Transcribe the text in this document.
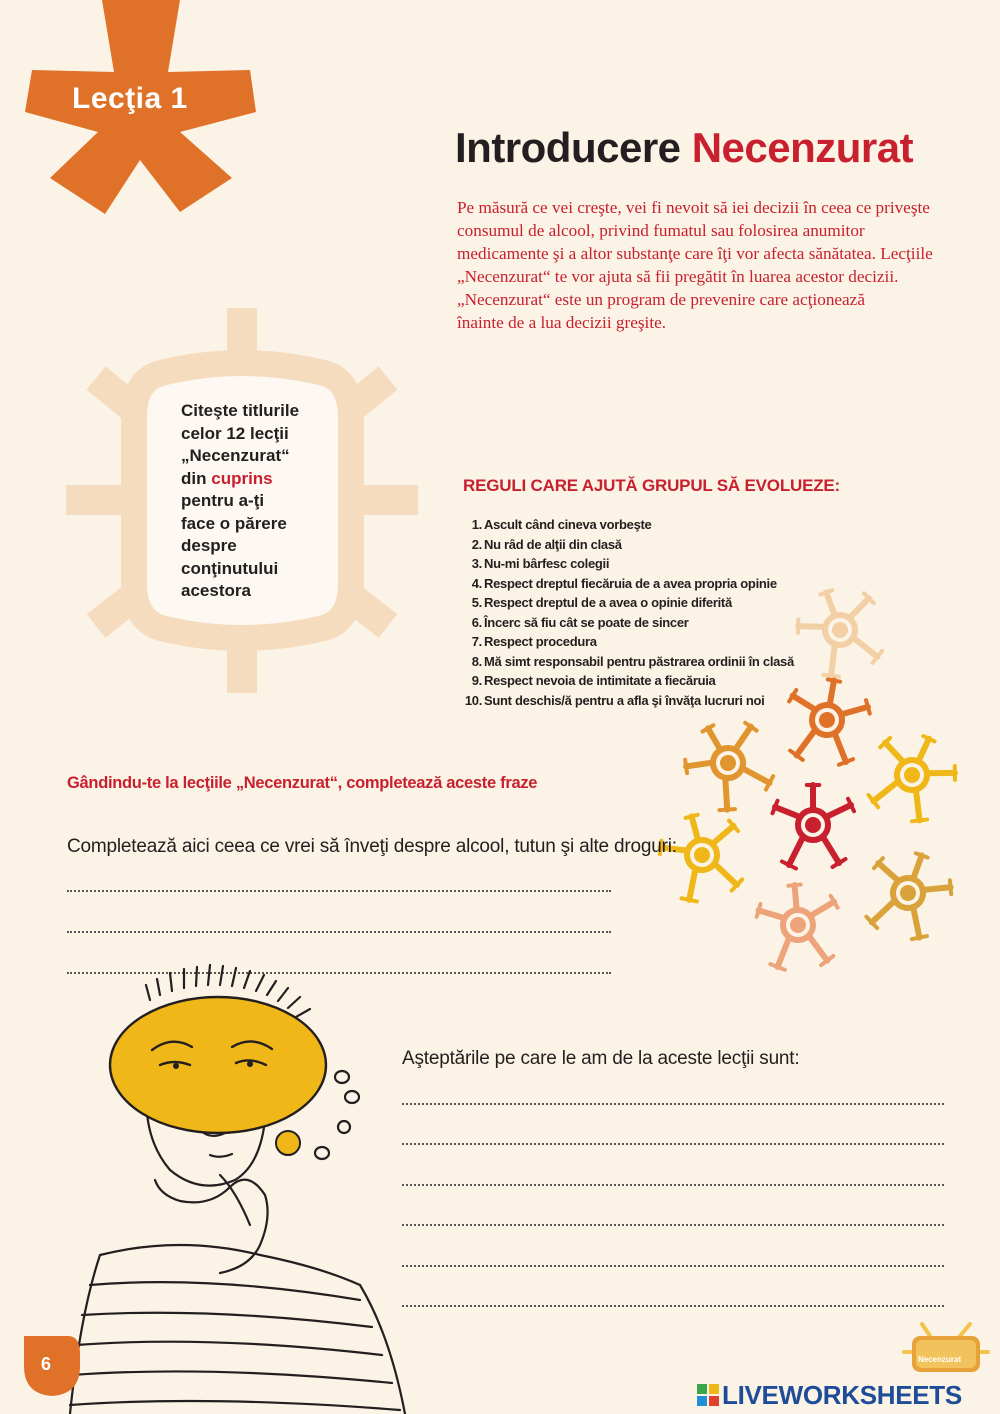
Lecţia 1
Introducere Necenzurat
Pe măsură ce vei creşte, vei fi nevoit să iei decizii în ceea ce priveşte
consumul de alcool, privind fumatul sau folosirea anumitor
medicamente şi a altor substanţe care îţi vor afecta sănătatea. Lecţiile
„Necenzurat“ te vor ajuta să fii pregătit în luarea acestor decizii.
„Necenzurat“ este un program de prevenire care acţionează
înainte de a lua decizii greşite.
Citeşte titlurile
celor 12 lecţii
„Necenzurat“
din cuprins
pentru a-ţi
face o părere
despre
conţinutului
acestora
REGULI CARE AJUTĂ GRUPUL SĂ EVOLUEZE:
1. Ascult când cineva vorbeşte
2. Nu râd de alţii din clasă
3. Nu-mi bârfesc colegii
4. Respect dreptul fiecăruia de a avea propria opinie
5. Respect dreptul de a avea o opinie diferită
6. Încerc să fiu cât se poate de sincer
7. Respect procedura
8. Mă simt responsabil pentru păstrarea ordinii în clasă
9. Respect nevoia de intimitate a fiecăruia
10. Sunt deschis/ă pentru a afla şi învăţa lucruri noi
Gândindu-te la lecţiile „Necenzurat“, completează aceste fraze
Completează aici ceea ce vrei să înveţi despre alcool, tutun şi alte droguri:
Aşteptările pe care le am de la aceste lecţii sunt:
6	Necenzurat
LIVEWORKSHEETS
